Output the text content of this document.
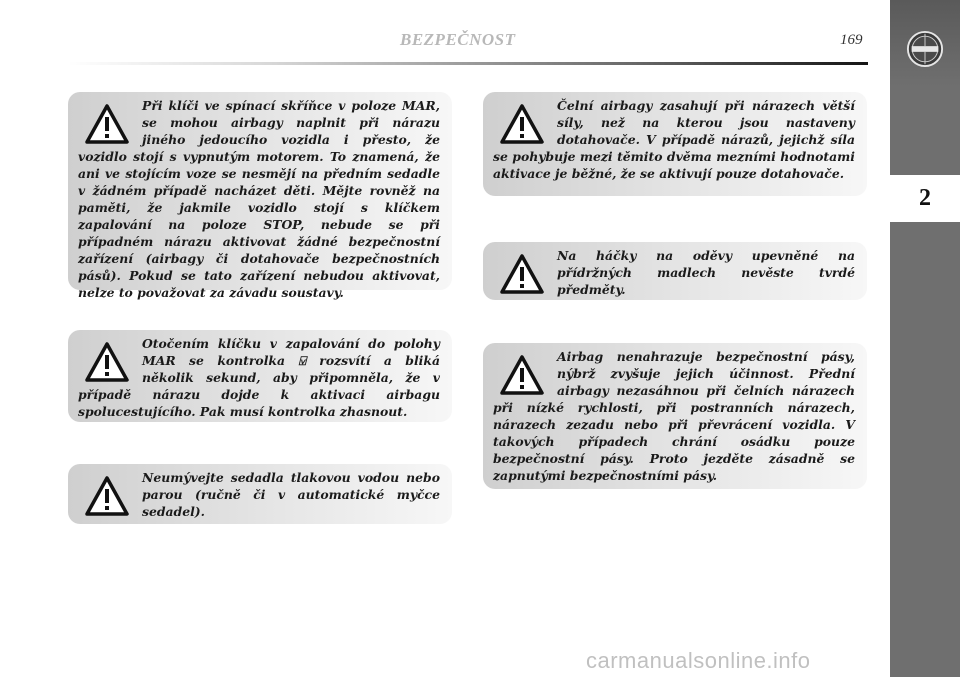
BEZPEČNOST	169
2

Při klíči ve spínací skříňce v poloze MAR, se mohou airbagy naplnit při nárazu jiného jedoucího vozidla i přesto, že vozidlo stojí s vypnutým motorem. To znamená, že ani ve stojícím voze se nesmějí na předním sedadle v žádném případě nacházet děti. Mějte rovněž na paměti, že jakmile vozidlo stojí s klíčkem zapalování na poloze STOP, nebude se při případném nárazu aktivovat žádné bezpečnostní zařízení (airbagy či dotahovače bezpečnostních pásů). Pokud se tato zařízení nebudou aktivovat, nelze to považovat za závadu soustavy.

Otočením klíčku v zapalování do polohy MAR se kontrolka ⍌ rozsvítí a bliká několik sekund, aby připomněla, že v případě nárazu dojde k aktivaci airbagu spolucestujícího. Pak musí kontrolka zhasnout.

Neumývejte sedadla tlakovou vodou nebo parou (ručně či v automatické myčce sedadel).

Čelní airbagy zasahují při nárazech větší síly, než na kterou jsou nastaveny dotahovače. V případě nárazů, jejichž síla se pohybuje mezi těmito dvěma mezními hodnotami aktivace je běžné, že se aktivují pouze dotahovače.

Na háčky na oděvy upevněné na přídržných madlech nevěste tvrdé předměty.

Airbag nenahrazuje bezpečnostní pásy, nýbrž zvyšuje jejich účinnost. Přední airbagy nezasáhnou při čelních nárazech při nízké rychlosti, při postranních nárazech, nárazech zezadu nebo při převrácení vozidla. V takových případech chrání osádku pouze bezpečnostní pásy. Proto jezděte zásadně se zapnutými bezpečnostními pásy.

carmanualsonline.info
